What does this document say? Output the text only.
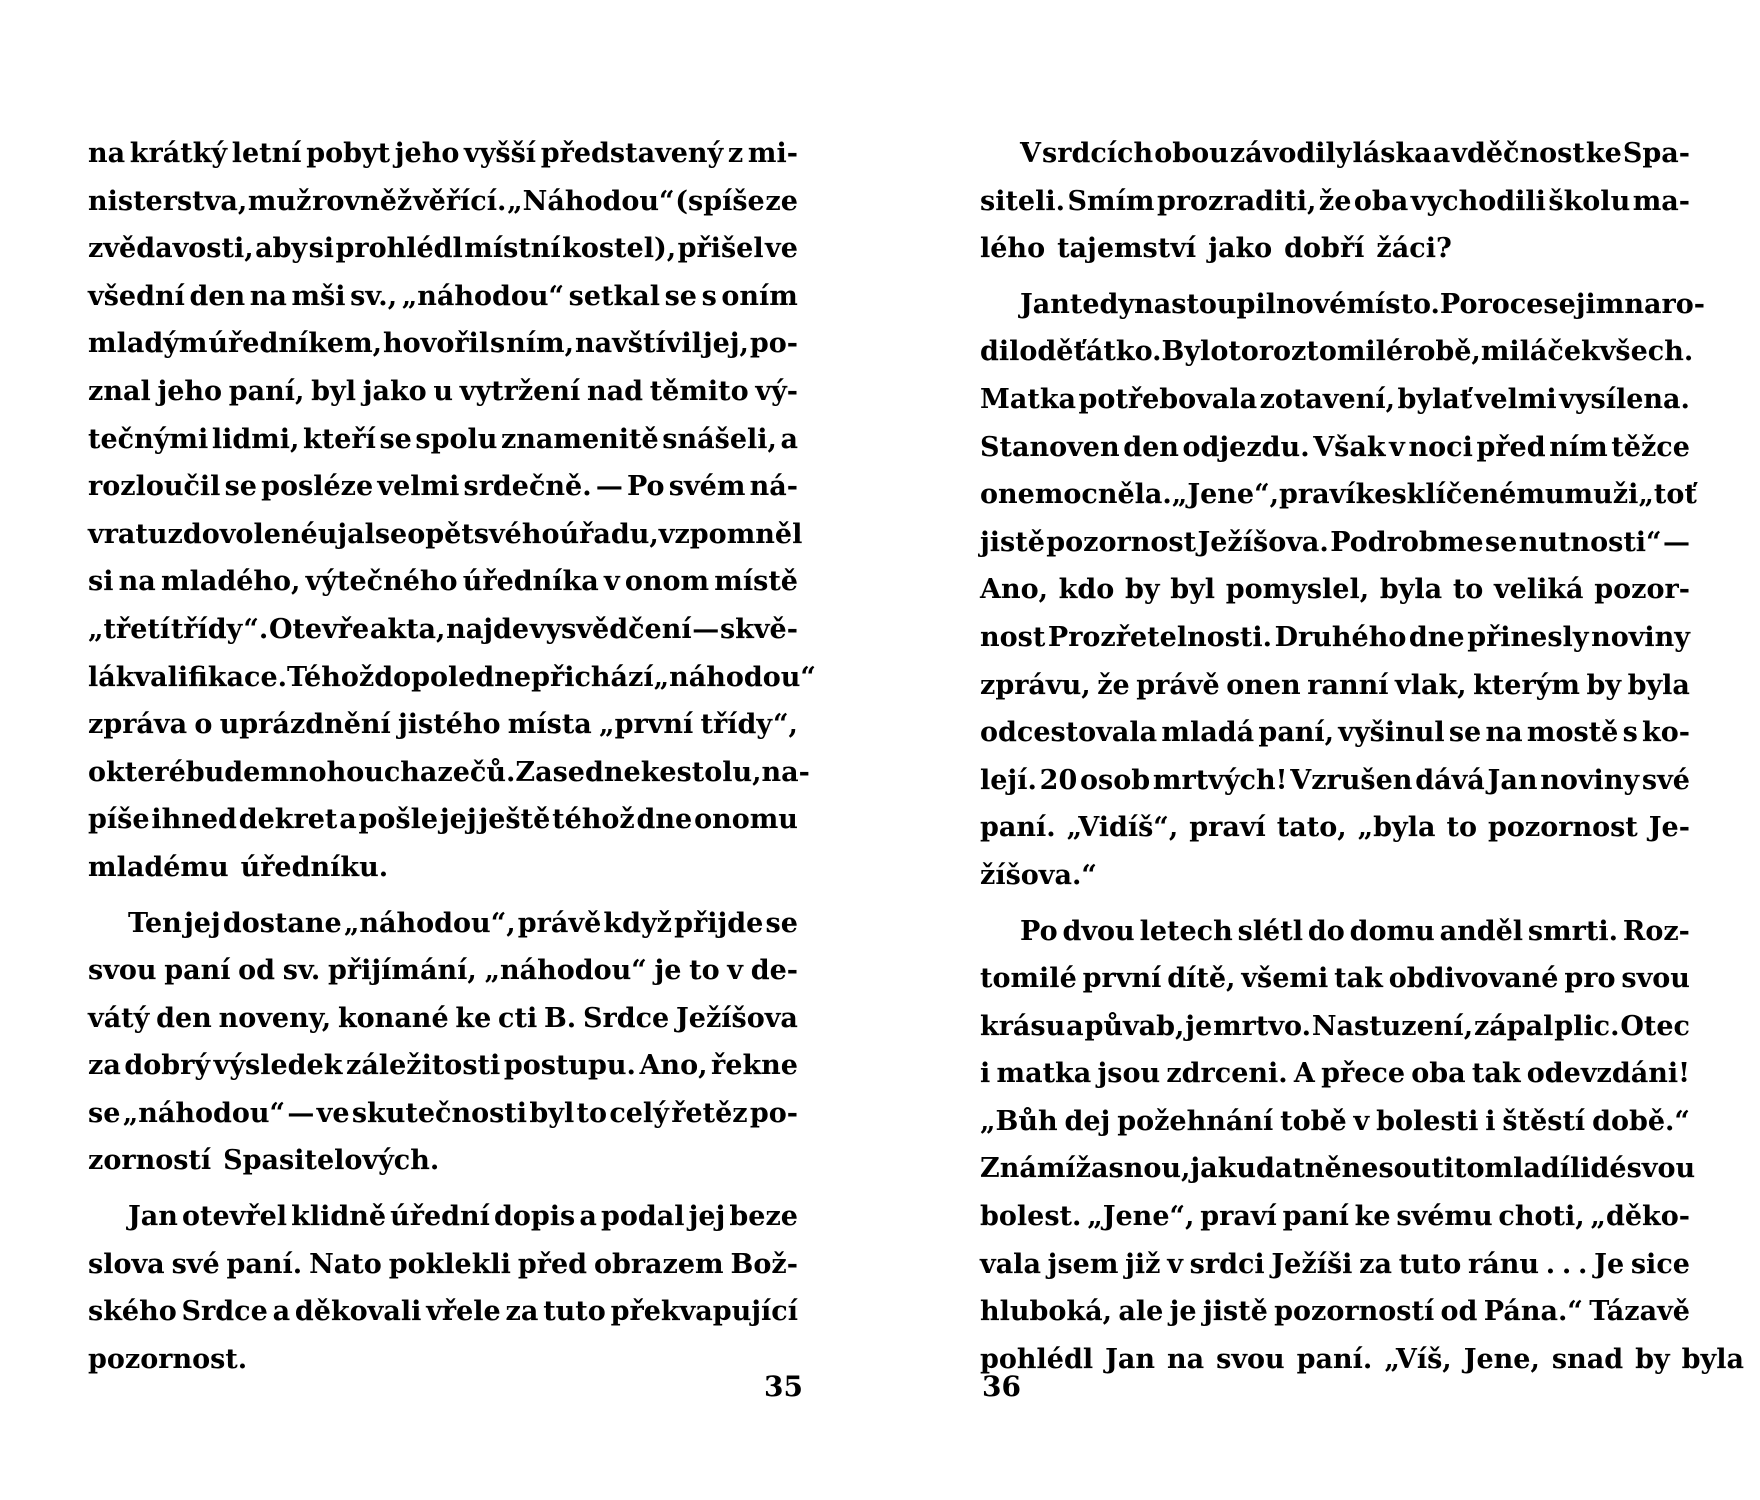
na krátký letní pobyt jeho vyšší představený z mi-
nisterstva, muž rovněž věřící. „Náhodou“ (spíše ze
zvědavosti, aby si prohlédl místní kostel), přišel ve
všední den na mši sv., „náhodou“ setkal se s oním
mladým úředníkem, hovořil s ním, navštívil jej, po-
znal jeho paní, byl jako u vytržení nad těmito vý-
tečnými lidmi, kteří se spolu znamenitě snášeli, a
rozloučil se posléze velmi srdečně. — Po svém ná-
vratu z dovolené ujal se opět svého úřadu, vzpomněl
si na mladého, výtečného úředníka v onom místě
„třetí třídy“. Otevře akta, najde vysvědčení — skvě-
lá kvalifikace. Téhož dopoledne přichází „náhodou“
zpráva o uprázdnění jistého místa „první třídy“,
o které bude mnoho uchazečů. Zasedne ke stolu, na-
píše ihned dekret a pošle jej ještě téhož dne onomu
mladému úředníku.
Ten jej dostane „náhodou“, právě když přijde se
svou paní od sv. přijímání, „náhodou“ je to v de-
vátý den noveny, konané ke cti B. Srdce Ježíšova
za dobrý výsledek záležitosti postupu. Ano, řekne
se „náhodou“ — ve skutečnosti byl to celý řetěz po-
zorností Spasitelových.
Jan otevřel klidně úřední dopis a podal jej beze
slova své paní. Nato poklekli před obrazem Bož-
ského Srdce a děkovali vřele za tuto překvapující
pozornost.
V srdcích obou závodily láska a vděčnost ke Spa-
siteli. Smím prozraditi, že oba vychodili školu ma-
lého tajemství jako dobří žáci?
Jan tedy nastoupil nové místo. Po roce se jim naro-
dilo děťátko. Bylo to roztomilé robě, miláček všech.
Matka potřebovala zotavení, bylať velmi vysílena.
Stanoven den odjezdu. Však v noci před ním těžce
onemocněla. „Jene“, praví ke sklíčenému muži „toť
jistě pozornost Ježíšova. Podrobme se nutnosti“ —
Ano, kdo by byl pomyslel, byla to veliká pozor-
nost Prozřetelnosti. Druhého dne přinesly noviny
zprávu, že právě onen ranní vlak, kterým by byla
odcestovala mladá paní, vyšinul se na mostě s ko-
lejí. 20 osob mrtvých! Vzrušen dává Jan noviny své
paní. „Vidíš“, praví tato, „byla to pozornost Je-
žíšova.“
Po dvou letech slétl do domu anděl smrti. Roz-
tomilé první dítě, všemi tak obdivované pro svou
krásu a půvab, je mrtvo. Nastuzení, zápal plic. Otec
i matka jsou zdrceni. A přece oba tak odevzdáni!
„Bůh dej požehnání tobě v bolesti i štěstí době.“
Známí žasnou, jak udatně nesou tito mladí lidé svou
bolest. „Jene“, praví paní ke svému choti, „děko-
vala jsem již v srdci Ježíši za tuto ránu . . . Je sice
hluboká, ale je jistě pozorností od Pána.“ Tázavě
pohlédl Jan na svou paní. „Víš, Jene, snad by byla
35	36
